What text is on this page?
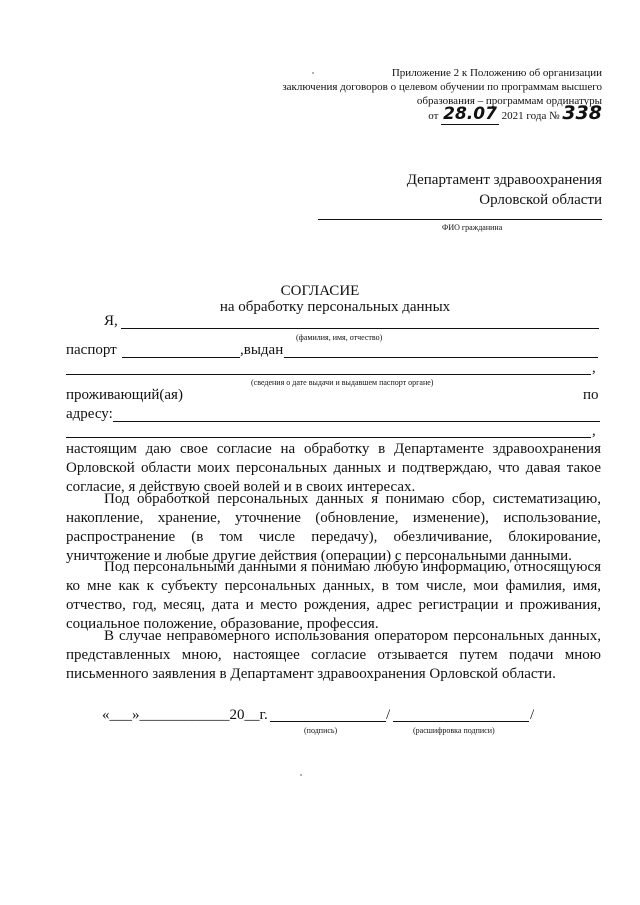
Приложение 2 к Положению об организации
заключения договоров о целевом обучении по программам высшего
образования – программам ординатуры
от 28.07 2021 года № 338
Департамент здравоохранения
Орловской области
ФИО гражданина
СОГЛАСИЕ
на обработку персональных данных
Я,
(фамилия, имя, отчество)
паспорт	,выдан
,
(сведения о дате выдачи и выдавшем паспорт органе)
проживающий(ая)	по
адресу:
,
настоящим даю свое согласие на обработку в Департаменте здравоохранения Орловской области моих персональных данных и подтверждаю, что давая такое согласие, я действую своей волей и в своих интересах.
Под обработкой персональных данных я понимаю сбор, систематизацию, накопление, хранение, уточнение (обновление, изменение), использование, распространение (в том числе передачу), обезличивание, блокирование, уничтожение и любые другие действия (операции) с персональными данными.
Под персональными данными я понимаю любую информацию, относящуюся ко мне как к субъекту персональных данных, в том числе, мои фамилия, имя, отчество, год, месяц, дата и место рождения, адрес регистрации и проживания, социальное положение, образование, профессия.
В случае неправомерного использования оператором персональных данных, представленных мною, настоящее согласие отзывается путем подачи мною письменного заявления в Департамент здравоохранения Орловской области.
«___»____________20__г.	/	/
(подпись)	(расшифровка подписи)
